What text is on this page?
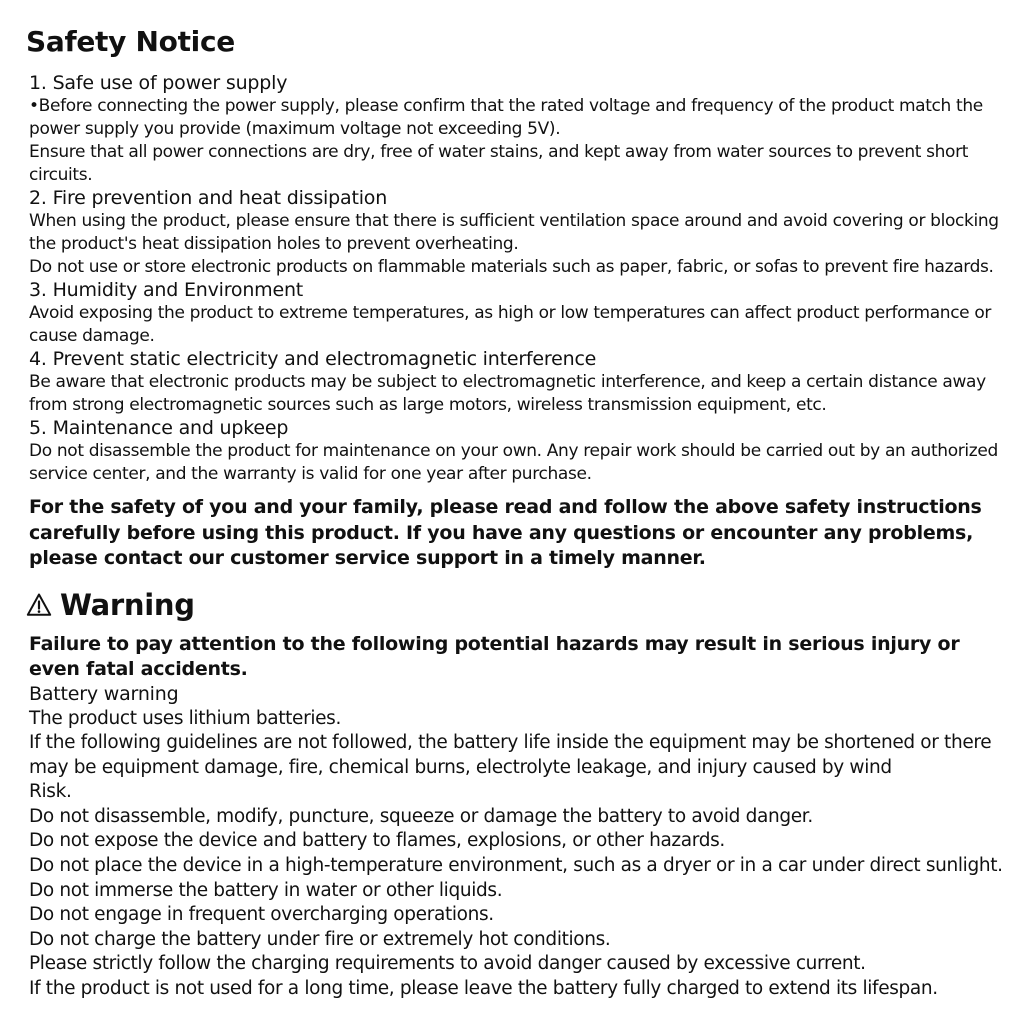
Safety Notice

1. Safe use of power supply

•Before connecting the power supply, please confirm that the rated voltage and frequency of the product match the power supply you provide (maximum voltage not exceeding 5V).

Ensure that all power connections are dry, free of water stains, and kept away from water sources to prevent short circuits.

2. Fire prevention and heat dissipation

When using the product, please ensure that there is sufficient ventilation space around and avoid covering or blocking the product's heat dissipation holes to prevent overheating.

Do not use or store electronic products on flammable materials such as paper, fabric, or sofas to prevent fire hazards.

3. Humidity and Environment

Avoid exposing the product to extreme temperatures, as high or low temperatures can affect product performance or cause damage.

4. Prevent static electricity and electromagnetic interference

Be aware that electronic products may be subject to electromagnetic interference, and keep a certain distance away from strong electromagnetic sources such as large motors, wireless transmission equipment, etc.

5. Maintenance and upkeep

Do not disassemble the product for maintenance on your own. Any repair work should be carried out by an authorized service center, and the warranty is valid for one year after purchase.

For the safety of you and your family, please read and follow the above safety instructions carefully before using this product. If you have any questions or encounter any problems, please contact our customer service support in a timely manner.

Warning

Failure to pay attention to the following potential hazards may result in serious injury or even fatal accidents.

Battery warning

The product uses lithium batteries.

If the following guidelines are not followed, the battery life inside the equipment may be shortened or there may be equipment damage, fire, chemical burns, electrolyte leakage, and injury caused by wind

Risk.

Do not disassemble, modify, puncture, squeeze or damage the battery to avoid danger.

Do not expose the device and battery to flames, explosions, or other hazards.

Do not place the device in a high-temperature environment, such as a dryer or in a car under direct sunlight.

Do not immerse the battery in water or other liquids.

Do not engage in frequent overcharging operations.

Do not charge the battery under fire or extremely hot conditions.

Please strictly follow the charging requirements to avoid danger caused by excessive current.

If the product is not used for a long time, please leave the battery fully charged to extend its lifespan.
